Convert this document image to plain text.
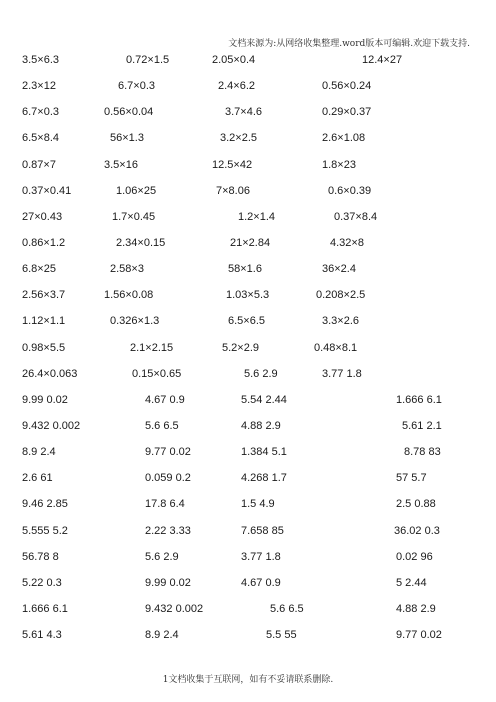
文档来源为:从网络收集整理.word版本可编辑.欢迎下载支持.
3.5×6.3	0.72×1.5	2.05×0.4	12.4×27
2.3×12	6.7×0.3	2.4×6.2	0.56×0.24
6.7×0.3	0.56×0.04	3.7×4.6	0.29×0.37
6.5×8.4	56×1.3	3.2×2.5	2.6×1.08
0.87×7	3.5×16	12.5×42	1.8×23
0.37×0.41	1.06×25	7×8.06	0.6×0.39
27×0.43	1.7×0.45	1.2×1.4	0.37×8.4
0.86×1.2	2.34×0.15	21×2.84	4.32×8
6.8×25	2.58×3	58×1.6	36×2.4
2.56×3.7	1.56×0.08	1.03×5.3	0.208×2.5
1.12×1.1	0.326×1.3	6.5×6.5	3.3×2.6
0.98×5.5	2.1×2.15	5.2×2.9	0.48×8.1
26.4×0.063	0.15×0.65	5.6 2.9	3.77 1.8
9.99 0.02	4.67 0.9	5.54 2.44	1.666 6.1
9.432 0.002	5.6 6.5	4.88 2.9	5.61 2.1
8.9 2.4	9.77 0.02	1.384 5.1	8.78 83
2.6 61	0.059 0.2	4.268 1.7	57 5.7
9.46 2.85	17.8 6.4	1.5 4.9	2.5 0.88
5.555 5.2	2.22 3.33	7.658 85	36.02 0.3
56.78 8	5.6 2.9	3.77 1.8	0.02 96
5.22 0.3	9.99 0.02	4.67 0.9	5 2.44
1.666 6.1	9.432 0.002	5.6 6.5	4.88 2.9
5.61 4.3	8.9 2.4	5.5 55	9.77 0.02
1文档收集于互联网，如有不妥请联系删除.
